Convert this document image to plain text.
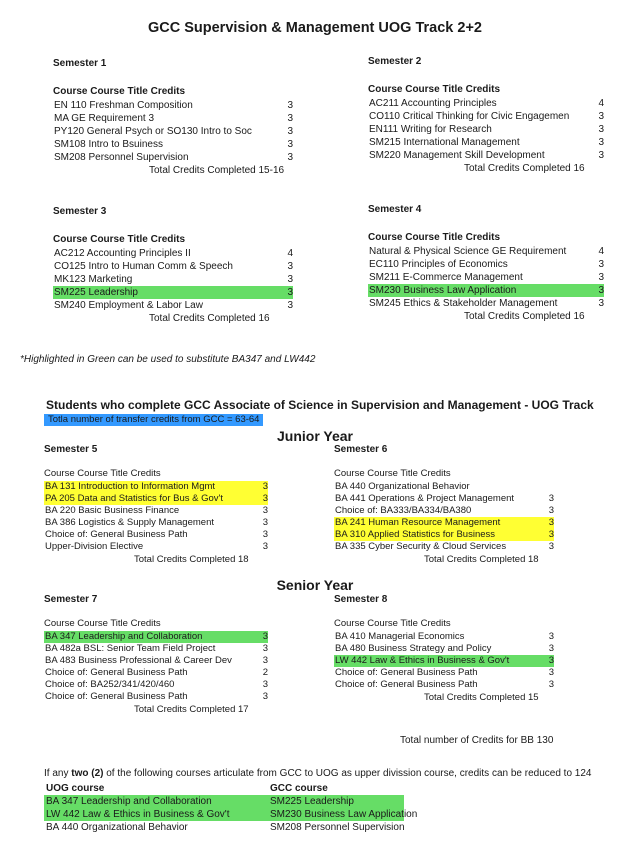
GCC Supervision & Management UOG Track 2+2
Semester 1
Course Course Title Credits
EN 110 Freshman Composition	3
MA GE Requirement 3	3
PY120 General Psych or SO130 Intro to Soc	3
SM108 Intro to Bsuiness	3
SM208 Personnel Supervision	3
Total Credits Completed 15-16
Semester 2
Course Course Title Credits
AC211 Accounting Principles	4
CO110 Critical Thinking for Civic Engagemen	3
EN111 Writing for Research	3
SM215 International Management	3
SM220 Management Skill Development	3
Total Credits Completed 16
Semester 3
Course Course Title Credits
AC212 Accounting Principles II	4
CO125 Intro to Human Comm & Speech	3
MK123 Marketing	3
SM225 Leadership	3
SM240 Employment & Labor Law	3
Total Credits Completed 16
Semester 4
Course Course Title Credits
Natural & Physical Science GE Requirement	4
EC110 Principles of Economics	3
SM211 E-Commerce Management	3
SM230 Business Law Application	3
SM245 Ethics & Stakeholder Management	3
Total Credits Completed 16
*Highlighted in Green can be used to substitute BA347 and LW442
Students who complete GCC Associate of Science in Supervision and Management - UOG Track
Totla number of transfer credits from GCC = 63-64
Junior Year
Semester 5
Course Course Title Credits
BA 131 Introduction to Information Mgmt	3
PA 205 Data and Statistics for Bus & Gov't	3
BA 220 Basic Business Finance	3
BA 386 Logistics & Supply Management	3
Choice of: General Business Path	3
Upper-Division Elective	3
Total Credits Completed 18
Semester 6
Course Course Title Credits
BA 440 Organizational Behavior
BA 441 Operations & Project Management	3
Choice of: BA333/BA334/BA380	3
BA 241 Human Resource Management	3
BA 310 Applied Statistics for Business	3
BA 335 Cyber Security & Cloud Services	3
Total Credits Completed 18
Senior Year
Semester 7
Course Course Title Credits
BA 347 Leadership and Collaboration	3
BA 482a BSL: Senior Team Field Project	3
BA 483 Business Professional & Career Dev	3
Choice of: General Business Path	2
Choice of: BA252/341/420/460	3
Choice of: General Business Path	3
Total Credits Completed 17
Semester 8
Course Course Title Credits
BA 410 Managerial Economics	3
BA 480 Business Strategy and Policy	3
LW 442 Law & Ethics in Business & Gov't	3
Choice of: General Business Path	3
Choice of: General Business Path	3
Total Credits Completed 15
Total number of Credits for BB 130
If any two (2) of the following courses articulate from GCC to UOG as upper divission course, credits can be reduced to 124
UOG course	GCC course
BA 347 Leadership and Collaboration	SM225 Leadership
LW 442 Law & Ethics in Business & Gov't	SM230 Business Law Application
BA 440 Organizational Behavior	SM208 Personnel Supervision
